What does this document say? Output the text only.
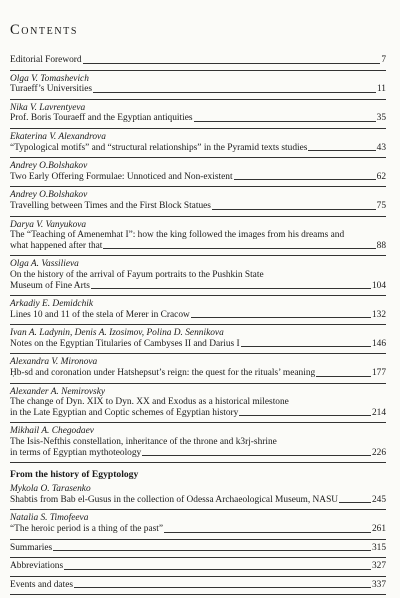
Contents
Editorial Foreword	7
Olga V. Tomashevich
Turaeff’s Universities	11
Nika V. Lavrentyeva
Prof. Boris Touraeff and the Egyptian antiquities	35
Ekaterina V. Alexandrova
“Typological motifs” and “structural relationships” in the Pyramid texts studies	43
Andrey O.Bolshakov
Two Early Offering Formulae: Unnoticed and Non-existent	62
Andrey O.Bolshakov
Travelling between Times and the First Block Statues	75
Darya V. Vanyukova
The “Teaching of Amenemhat I”: how the king followed the images from his dreams and
what happened after that	88
Olga A. Vassilieva
On the history of the arrival of Fayum portraits to the Pushkin State
Museum of Fine Arts	104
Arkadiy E. Demidchik
Lines 10 and 11 of the stela of Merer in Cracow	132
Ivan A. Ladynin, Denis A. Izosimov, Polina D. Sennikova
Notes on the Egyptian Titularies of Cambyses II and Darius I	146
Alexandra V. Mironova
Ḥb-sd and coronation under Hatshepsut’s reign: the quest for the rituals’ meaning	177
Alexander A. Nemirovsky
The change of Dyn. XIX to Dyn. XX and Exodus as a historical milestone
in the Late Egyptian and Coptic schemes of Egyptian history	214
Mikhail A. Chegodaev
The Isis-Nefthis constellation, inheritance of the throne and k3rj-shrine
in terms of Egyptian mythoteology	226
From the history of Egyptology
Mykola O. Tarasenko
Shabtis from Bab el-Gusus in the collection of Odessa Archaeological Museum, NASU	245
Natalia S. Timofeeva
“The heroic period is a thing of the past”	261
Summaries	315
Abbreviations	327
Events and dates	337
